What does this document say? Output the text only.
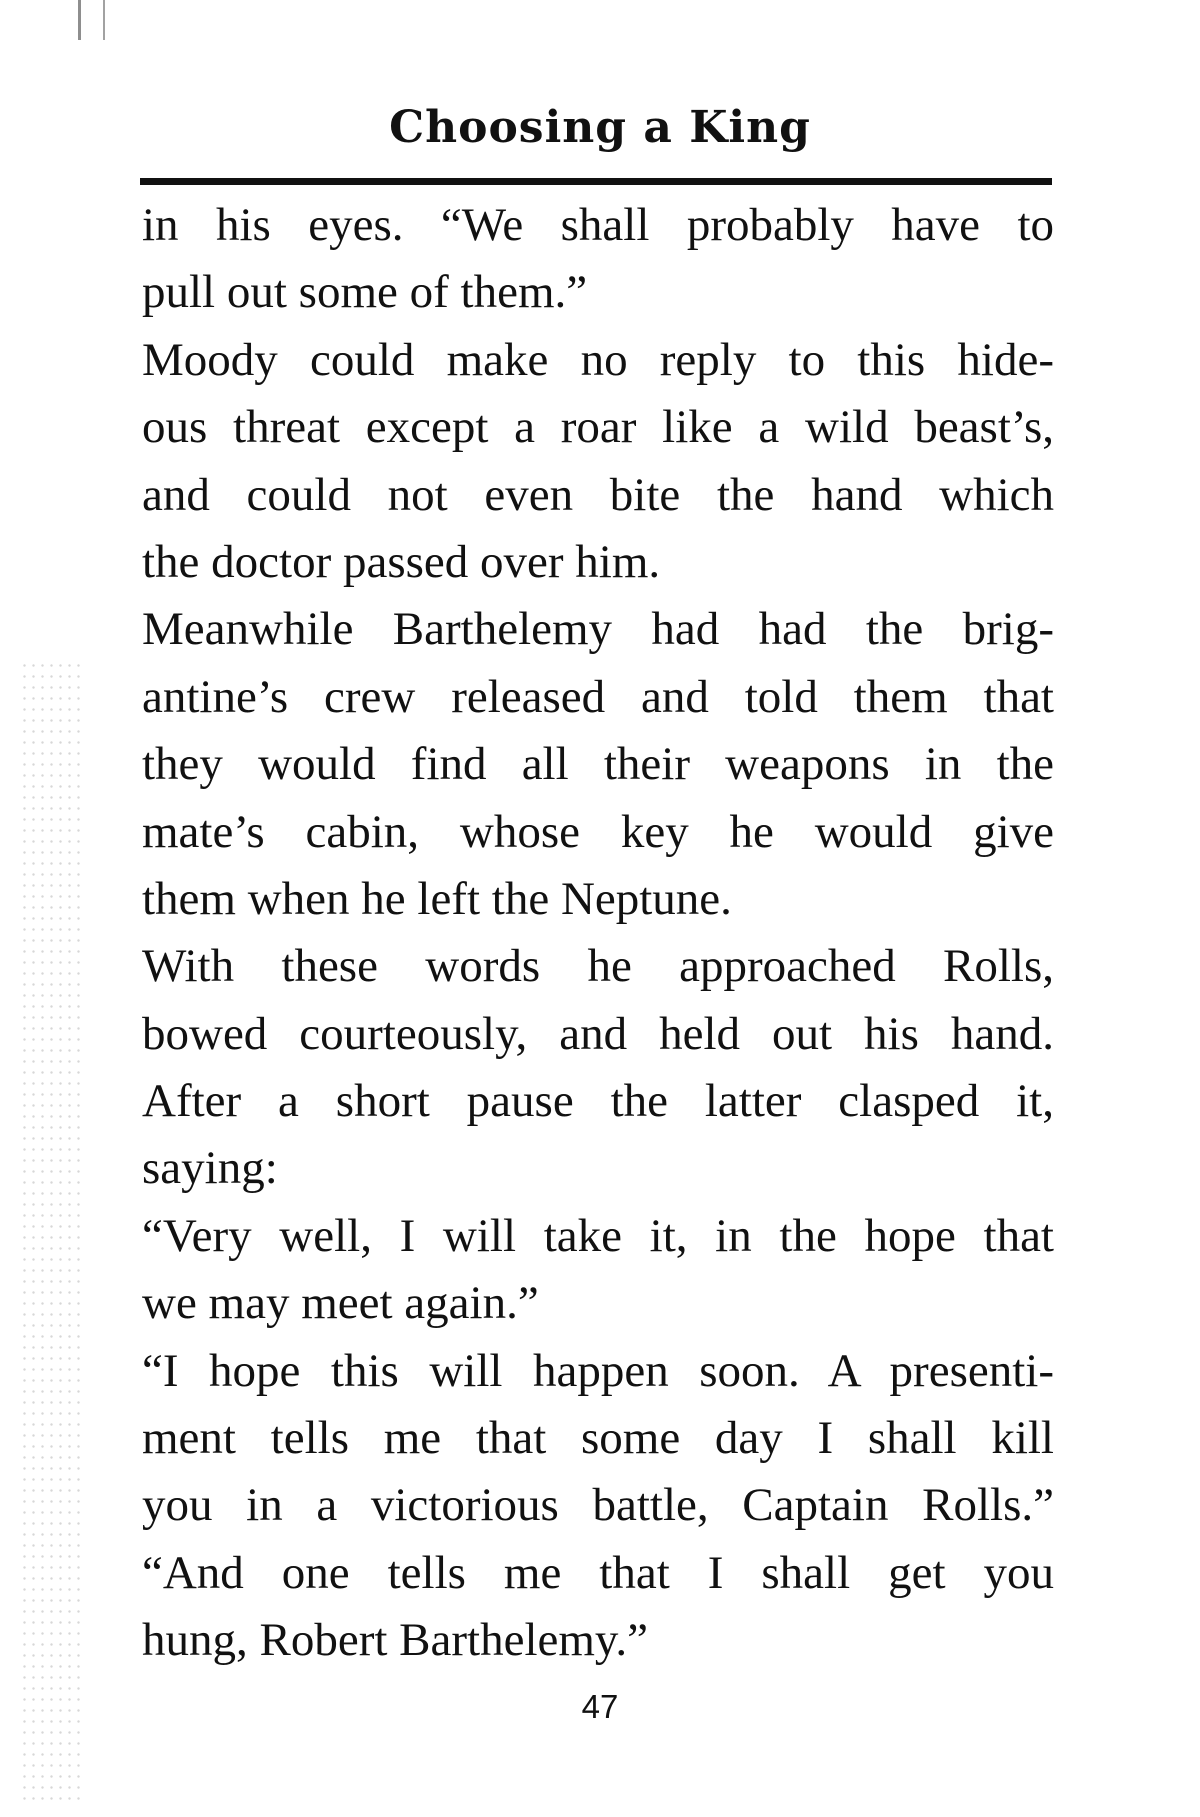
Choosing a King
in his eyes. “We shall probably have to
pull out some of them.”
Moody could make no reply to this hide-
ous threat except a roar like a wild beast’s,
and could not even bite the hand which
the doctor passed over him.
Meanwhile Barthelemy had had the brig-
antine’s crew released and told them that
they would find all their weapons in the
mate’s cabin, whose key he would give
them when he left the Neptune.
With these words he approached Rolls,
bowed courteously, and held out his hand.
After a short pause the latter clasped it,
saying:
“Very well, I will take it, in the hope that
we may meet again.”
“I hope this will happen soon. A presenti-
ment tells me that some day I shall kill
you in a victorious battle, Captain Rolls.”
“And one tells me that I shall get you
hung, Robert Barthelemy.”
47
